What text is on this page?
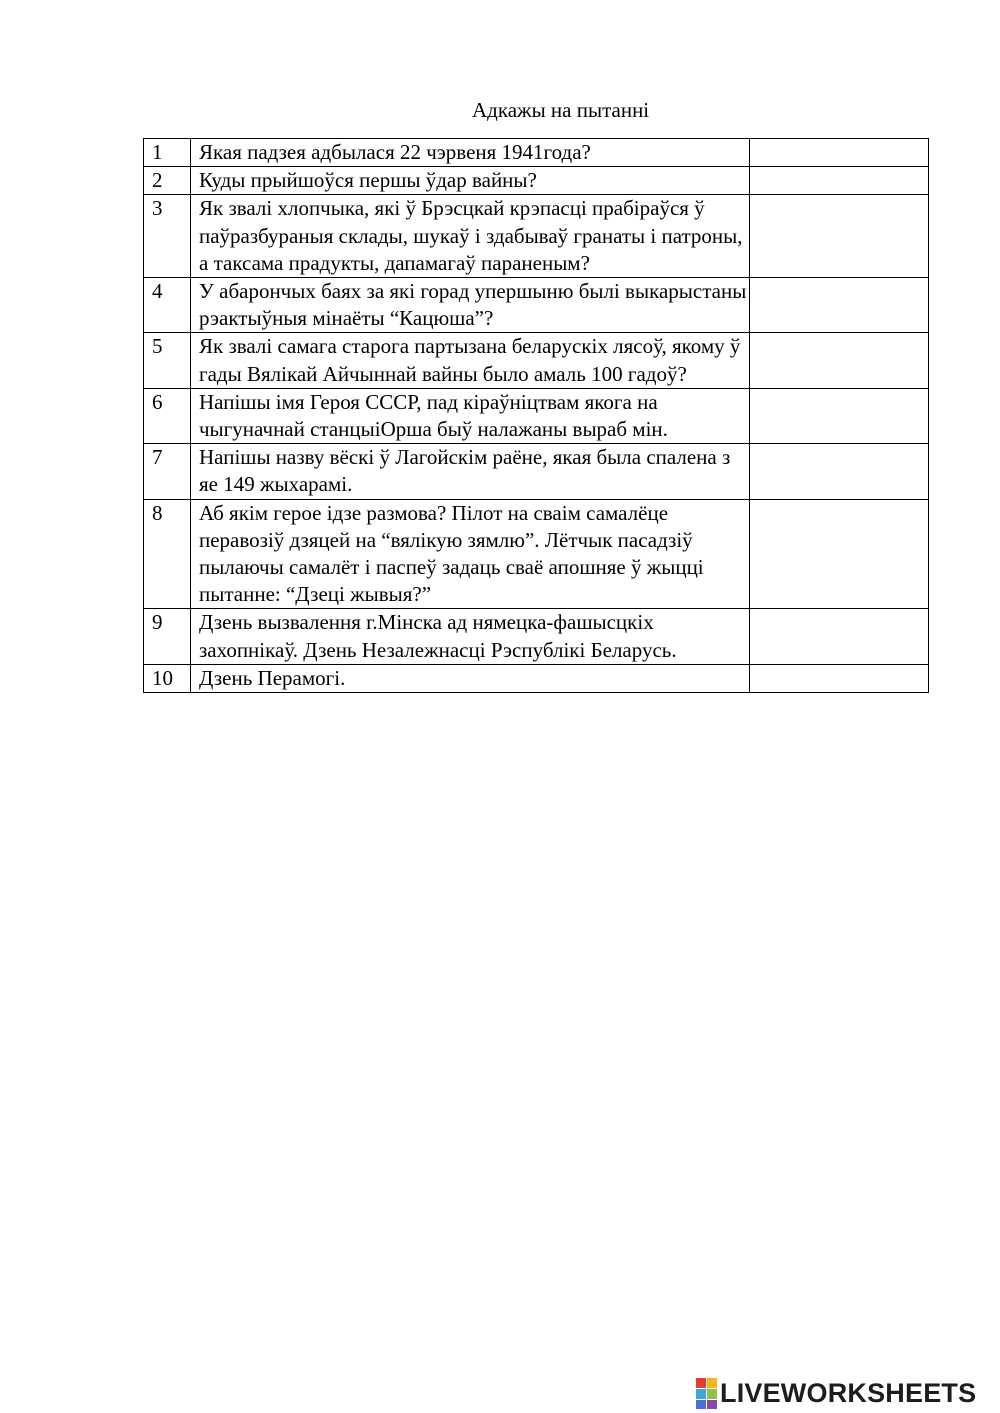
Адкажы на пытанні
1	Якая падзея адбылася 22 чэрвеня 1941года?	

2	Куды прыйшоўся першы ўдар вайны?	

3	Як звалі хлопчыка, які ў Брэсцкай крэпасці прабіраўся ў паўразбураныя склады, шукаў і здабываў гранаты і патроны, а таксама прадукты, дапамагаў параненым?	

4	У абарончых баях за які горад упершыню былі выкарыстаны рэактыўныя мінаёты “Кацюша”?	

5	Як звалі самага старога партызана беларускіх лясоў, якому ў гады Вялікай Айчыннай вайны было амаль 100 гадоў?	

6	Напішы імя Героя СССР, пад кіраўніцтвам якога на чыгуначнай станцыіОрша быў налажаны выраб мін.	

7	Напішы назву вёскі ў Лагойскім раёне, якая была спалена з яе 149 жыхарамі.	

8	Аб якім герое ідзе размова? Пілот на сваім самалёце перавозіў дзяцей на “вялікую зямлю”. Лётчык пасадзіў пылаючы самалёт і паспеў задаць сваё апошняе ў жыцці пытанне: “Дзеці жывыя?”	

9	Дзень вызвалення г.Мінска ад нямецка-фашысцкіх захопнікаў. Дзень Незалежнасці Рэспублікі Беларусь.	

10	Дзень Перамогі.	
LIVEWORKSHEETS
